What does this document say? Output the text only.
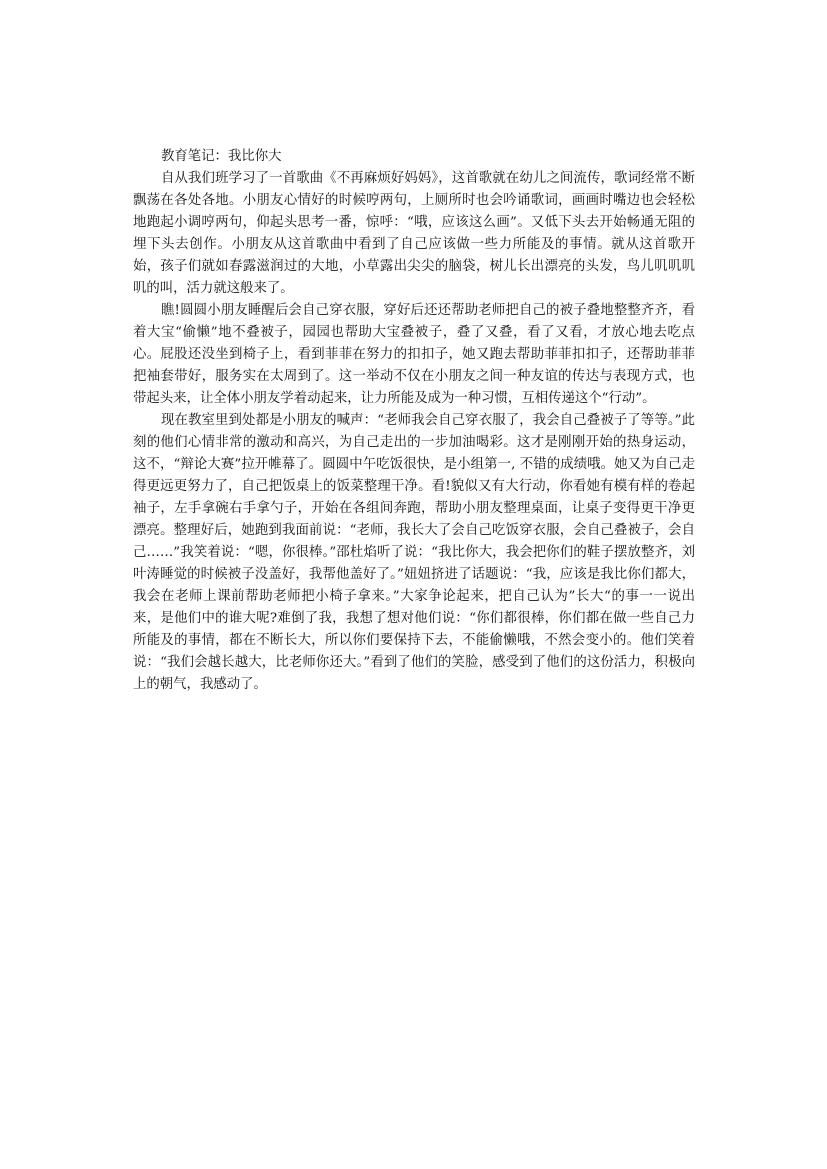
教育笔记：我比你大

自从我们班学习了一首歌曲《不再麻烦好妈妈》，这首歌就在幼儿之间流传，歌词经常不断飘荡在各处各地。小朋友心情好的时候哼两句，上厕所时也会吟诵歌词，画画时嘴边也会轻松地跑起小调哼两句，仰起头思考一番，惊呼：“哦，应该这么画”。又低下头去开始畅通无阻的埋下头去创作。小朋友从这首歌曲中看到了自己应该做一些力所能及的事情。就从这首歌开始，孩子们就如春露滋润过的大地，小草露出尖尖的脑袋，树儿长出漂亮的头发，鸟儿叽叽叽叽的叫，活力就这般来了。

瞧!圆圆小朋友睡醒后会自己穿衣服，穿好后还还帮助老师把自己的被子叠地整整齐齐，看着大宝“偷懒”地不叠被子，园园也帮助大宝叠被子，叠了又叠，看了又看，才放心地去吃点心。屁股还没坐到椅子上，看到菲菲在努力的扣扣子，她又跑去帮助菲菲扣扣子，还帮助菲菲把袖套带好，服务实在太周到了。这一举动不仅在小朋友之间一种友谊的传达与表现方式，也带起头来，让全体小朋友学着动起来，让力所能及成为一种习惯，互相传递这个“行动”。

现在教室里到处都是小朋友的喊声：“老师我会自己穿衣服了，我会自己叠被子了等等。”此刻的他们心情非常的激动和高兴，为自己走出的一步加油喝彩。这才是刚刚开始的热身运动，这不，“辩论大赛”拉开帷幕了。圆圆中午吃饭很快，是小组第一, 不错的成绩哦。她又为自己走得更远更努力了，自己把饭桌上的饭菜整理干净。看!貌似又有大行动，你看她有模有样的卷起袖子，左手拿碗右手拿勺子，开始在各组间奔跑，帮助小朋友整理桌面，让桌子变得更干净更漂亮。整理好后，她跑到我面前说：“老师，我长大了会自己吃饭穿衣服，会自己叠被子，会自己……”我笑着说：“嗯，你很棒。”邵杜焰听了说：“我比你大，我会把你们的鞋子摆放整齐，刘叶涛睡觉的时候被子没盖好，我帮他盖好了。”妞妞挤进了话题说：“我，应该是我比你们都大，我会在老师上课前帮助老师把小椅子拿来。”大家争论起来，把自己认为”长大“的事一一说出来，是他们中的谁大呢?难倒了我，我想了想对他们说：“你们都很棒，你们都在做一些自己力所能及的事情，都在不断长大，所以你们要保持下去，不能偷懒哦，不然会变小的。他们笑着说：“我们会越长越大，比老师你还大。”看到了他们的笑脸，感受到了他们的这份活力，积极向上的朝气，我感动了。
